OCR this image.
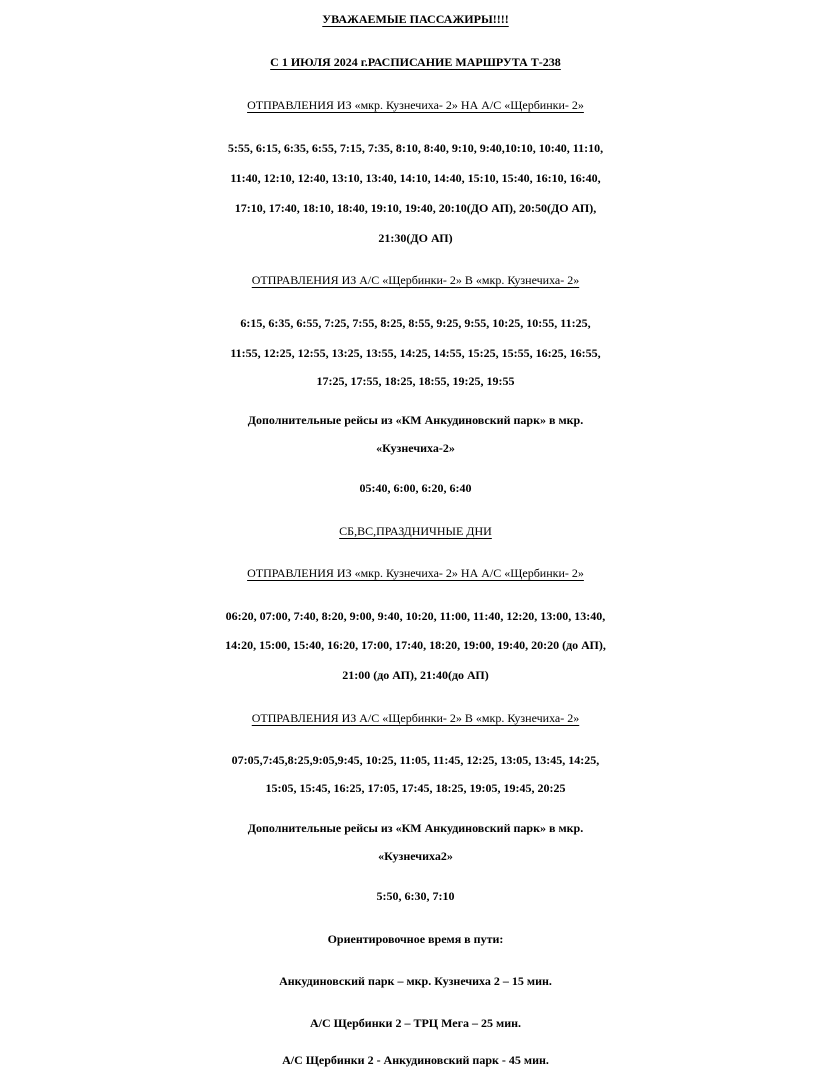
УВАЖАЕМЫЕ ПАССАЖИРЫ!!!!
С 1 ИЮЛЯ 2024 г.РАСПИСАНИЕ МАРШРУТА Т-238
ОТПРАВЛЕНИЯ ИЗ «мкр. Кузнечиха- 2» НА А/С «Щербинки- 2»
5:55, 6:15, 6:35, 6:55, 7:15, 7:35, 8:10, 8:40, 9:10, 9:40,10:10, 10:40, 11:10,
11:40, 12:10, 12:40, 13:10, 13:40, 14:10, 14:40, 15:10, 15:40, 16:10, 16:40,
17:10, 17:40, 18:10, 18:40, 19:10, 19:40, 20:10(ДО АП), 20:50(ДО АП),
21:30(ДО АП)
ОТПРАВЛЕНИЯ ИЗ А/С «Щербинки- 2» В «мкр. Кузнечиха- 2»
6:15, 6:35, 6:55, 7:25, 7:55, 8:25, 8:55, 9:25, 9:55, 10:25, 10:55, 11:25,
11:55, 12:25, 12:55, 13:25, 13:55, 14:25, 14:55, 15:25, 15:55, 16:25, 16:55,
17:25, 17:55, 18:25, 18:55, 19:25, 19:55
Дополнительные рейсы из «КМ Анкудиновский парк» в мкр.
«Кузнечиха-2»
05:40, 6:00, 6:20, 6:40
СБ,ВС,ПРАЗДНИЧНЫЕ ДНИ
ОТПРАВЛЕНИЯ ИЗ «мкр. Кузнечиха- 2» НА А/С «Щербинки- 2»
06:20, 07:00, 7:40, 8:20, 9:00, 9:40, 10:20, 11:00, 11:40, 12:20, 13:00, 13:40,
14:20, 15:00, 15:40, 16:20, 17:00, 17:40, 18:20, 19:00, 19:40, 20:20 (до АП),
21:00 (до АП), 21:40(до АП)
ОТПРАВЛЕНИЯ ИЗ А/С «Щербинки- 2» В «мкр. Кузнечиха- 2»
07:05,7:45,8:25,9:05,9:45, 10:25, 11:05, 11:45, 12:25, 13:05, 13:45, 14:25,
15:05, 15:45, 16:25, 17:05, 17:45, 18:25, 19:05, 19:45, 20:25
Дополнительные рейсы из «КМ Анкудиновский парк» в мкр.
«Кузнечиха2»
5:50, 6:30, 7:10
Ориентировочное время в пути:
Анкудиновский парк – мкр. Кузнечиха 2 – 15 мин.
А/С Щербинки 2 – ТРЦ Мега – 25 мин.
А/С Щербинки 2 - Анкудиновский парк - 45 мин.
